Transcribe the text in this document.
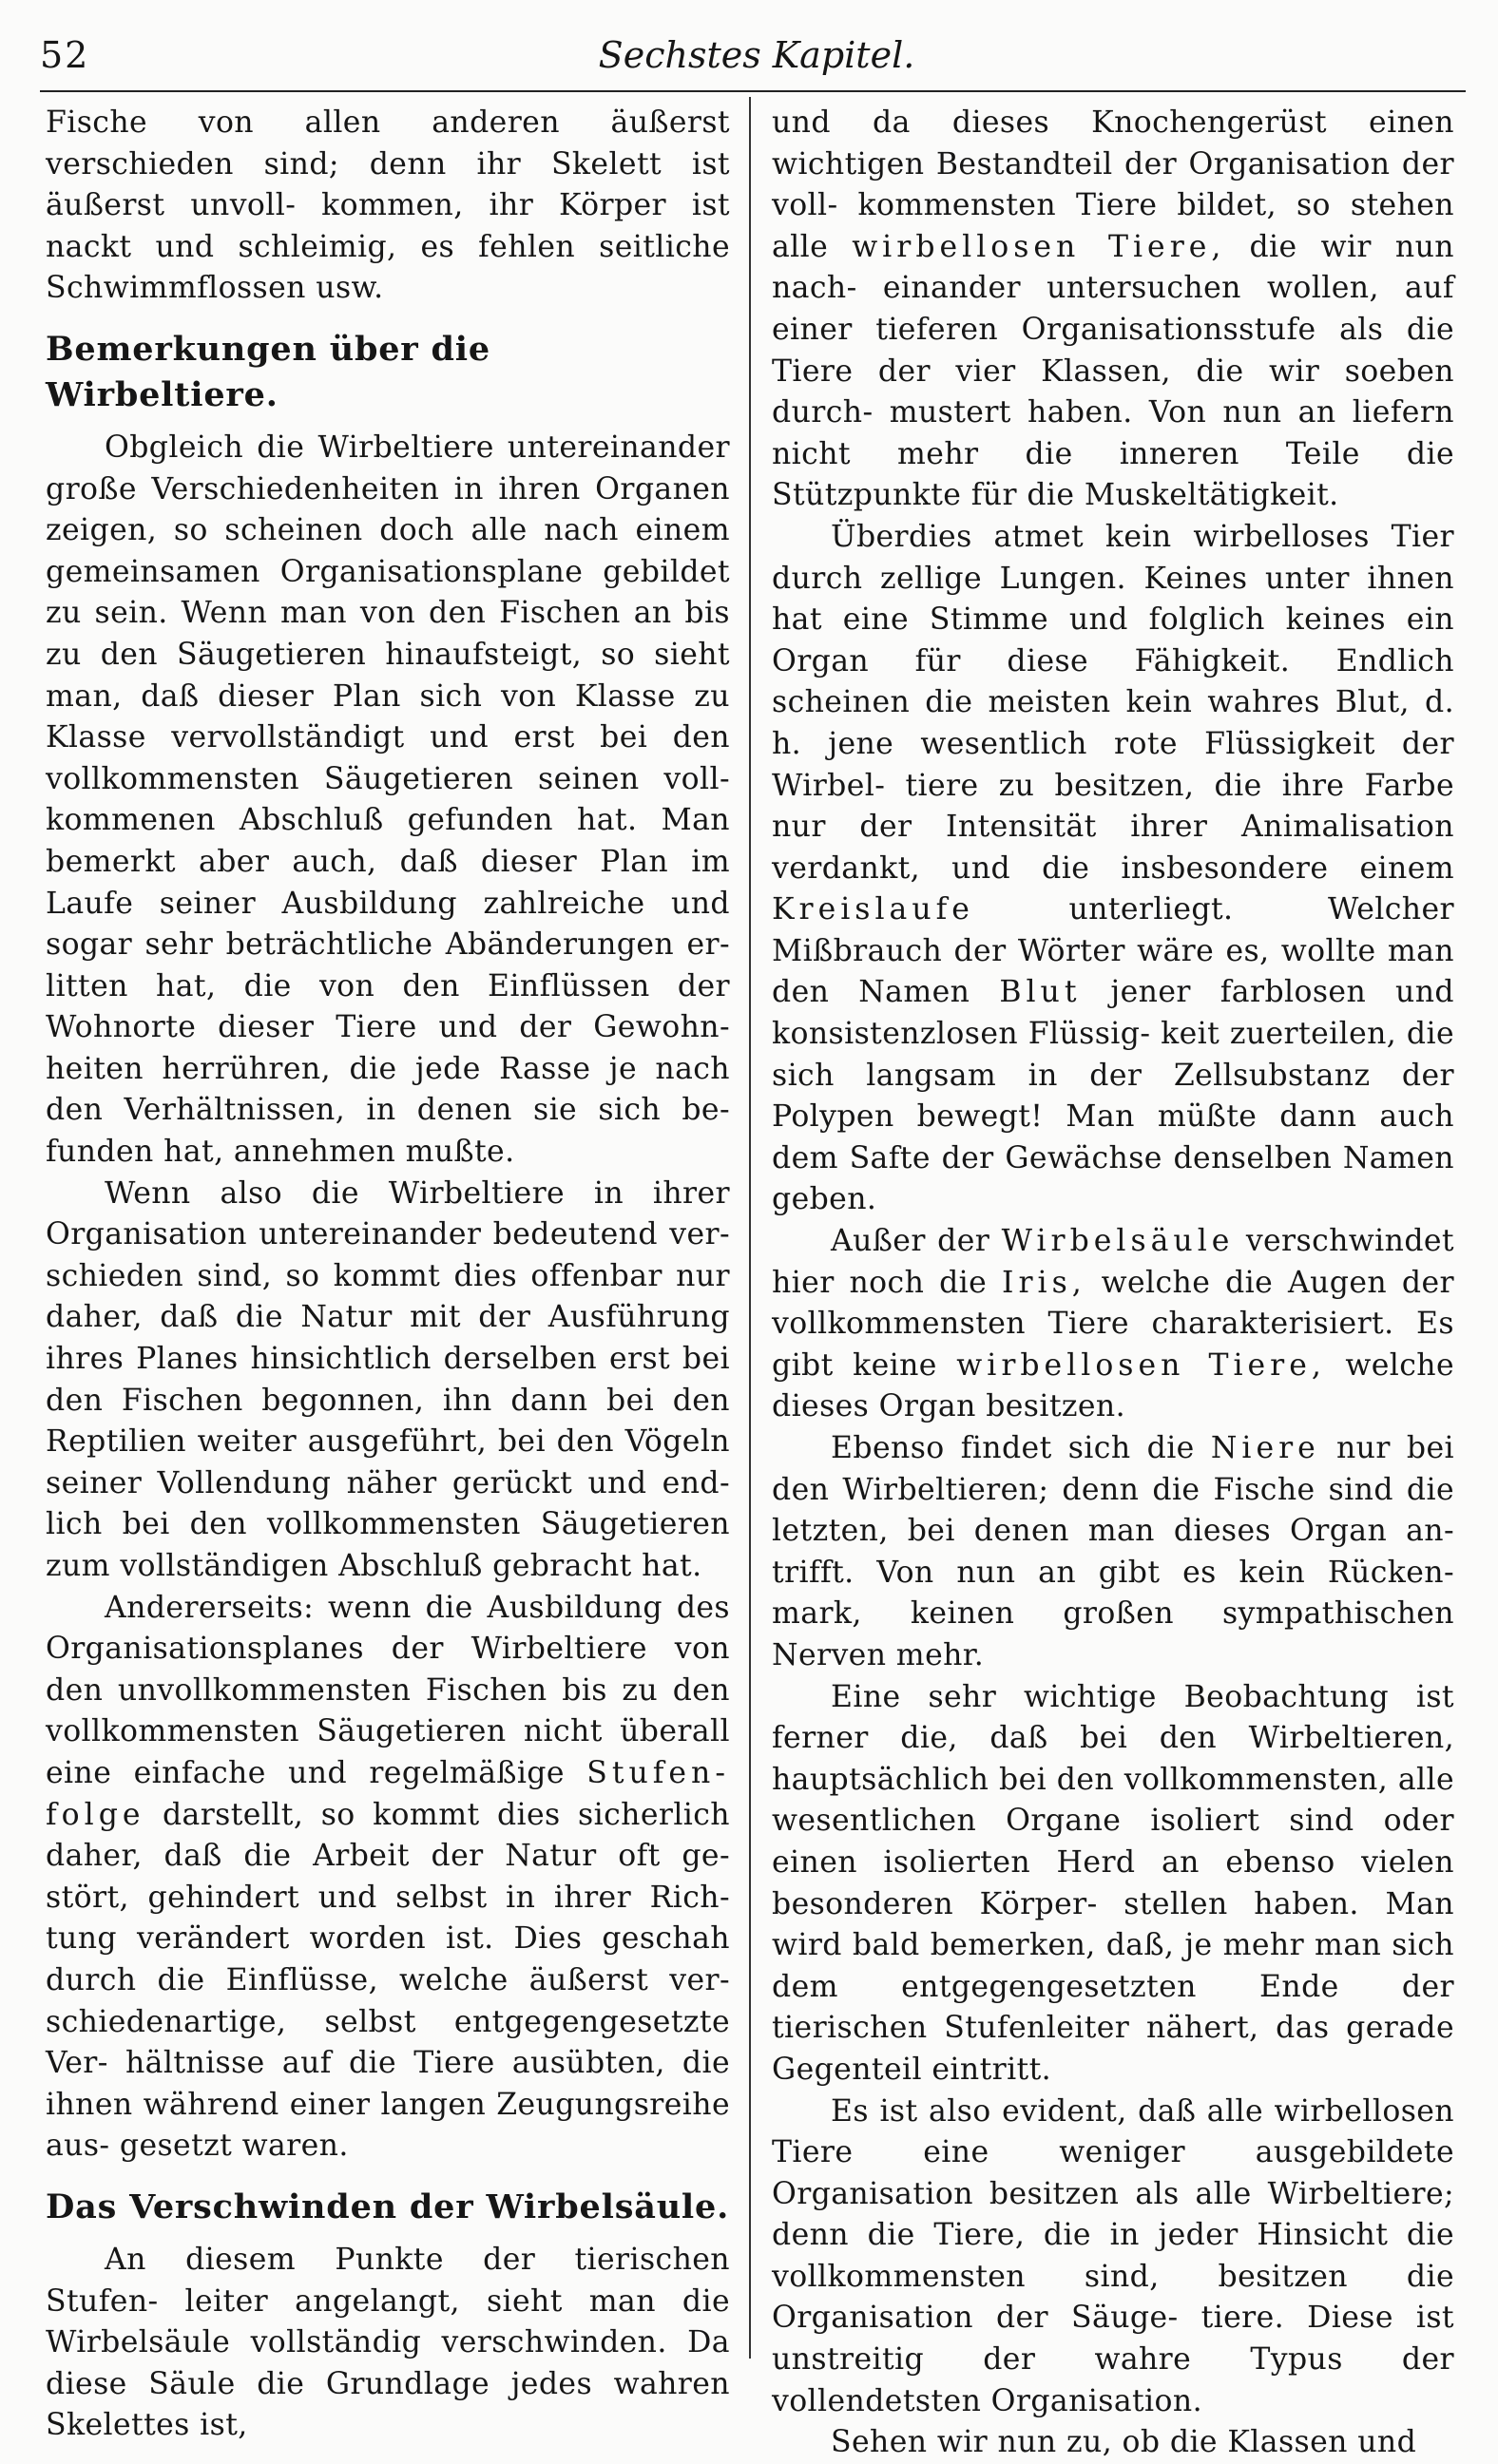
52	Sechstes Kapitel.

Fische von allen anderen äußerst verschieden sind; denn ihr Skelett ist äußerst unvoll- kommen, ihr Körper ist nackt und schleimig, es fehlen seitliche Schwimmflossen usw.

Bemerkungen über die Wirbeltiere.

Obgleich die Wirbeltiere untereinander große Verschiedenheiten in ihren Organen zeigen, so scheinen doch alle nach einem gemeinsamen Organisationsplane gebildet zu sein. Wenn man von den Fischen an bis zu den Säugetieren hinaufsteigt, so sieht man, daß dieser Plan sich von Klasse zu Klasse vervollständigt und erst bei den vollkommensten Säugetieren seinen voll- kommenen Abschluß gefunden hat. Man bemerkt aber auch, daß dieser Plan im Laufe seiner Ausbildung zahlreiche und sogar sehr beträchtliche Abänderungen er- litten hat, die von den Einflüssen der Wohnorte dieser Tiere und der Gewohn- heiten herrühren, die jede Rasse je nach den Verhältnissen, in denen sie sich be- funden hat, annehmen mußte.

Wenn also die Wirbeltiere in ihrer Organisation untereinander bedeutend ver- schieden sind, so kommt dies offenbar nur daher, daß die Natur mit der Ausführung ihres Planes hinsichtlich derselben erst bei den Fischen begonnen, ihn dann bei den Reptilien weiter ausgeführt, bei den Vögeln seiner Vollendung näher gerückt und end- lich bei den vollkommensten Säugetieren zum vollständigen Abschluß gebracht hat.

Andererseits: wenn die Ausbildung des Organisationsplanes der Wirbeltiere von den unvollkommensten Fischen bis zu den vollkommensten Säugetieren nicht überall eine einfache und regelmäßige Stufen- folge darstellt, so kommt dies sicherlich daher, daß die Arbeit der Natur oft ge- stört, gehindert und selbst in ihrer Rich- tung verändert worden ist. Dies geschah durch die Einflüsse, welche äußerst ver- schiedenartige, selbst entgegengesetzte Ver- hältnisse auf die Tiere ausübten, die ihnen während einer langen Zeugungsreihe aus- gesetzt waren.

Das Verschwinden der Wirbelsäule.

An diesem Punkte der tierischen Stufen- leiter angelangt, sieht man die Wirbelsäule vollständig verschwinden. Da diese Säule die Grundlage jedes wahren Skelettes ist,

und da dieses Knochengerüst einen wichtigen Bestandteil der Organisation der voll- kommensten Tiere bildet, so stehen alle wirbellosen Tiere, die wir nun nach- einander untersuchen wollen, auf einer tieferen Organisationsstufe als die Tiere der vier Klassen, die wir soeben durch- mustert haben. Von nun an liefern nicht mehr die inneren Teile die Stützpunkte für die Muskeltätigkeit.

Überdies atmet kein wirbelloses Tier durch zellige Lungen. Keines unter ihnen hat eine Stimme und folglich keines ein Organ für diese Fähigkeit. Endlich scheinen die meisten kein wahres Blut, d. h. jene wesentlich rote Flüssigkeit der Wirbel- tiere zu besitzen, die ihre Farbe nur der Intensität ihrer Animalisation verdankt, und die insbesondere einem Kreislaufe	unterliegt. Welcher Mißbrauch der Wörter wäre es, wollte man den Namen Blut jener farblosen und konsistenzlosen Flüssig- keit zuerteilen, die sich langsam in der Zellsubstanz der Polypen bewegt! Man müßte dann auch dem Safte der Gewächse denselben Namen geben.

Außer der Wirbelsäule verschwindet hier noch die Iris, welche die Augen der vollkommensten Tiere charakterisiert. Es gibt keine wirbellosen Tiere, welche dieses Organ besitzen.

Ebenso findet sich die Niere nur bei den Wirbeltieren; denn die Fische sind die letzten, bei denen man dieses Organ an- trifft. Von nun an gibt es kein Rücken- mark, keinen großen sympathischen Nerven mehr.

Eine sehr wichtige Beobachtung ist ferner die, daß bei den Wirbeltieren, hauptsächlich bei den vollkommensten, alle wesentlichen Organe isoliert sind oder einen isolierten Herd an ebenso vielen besonderen Körper- stellen haben. Man wird bald bemerken, daß, je mehr man sich dem entgegengesetzten Ende der tierischen Stufenleiter nähert, das gerade Gegenteil eintritt.

Es ist also evident, daß alle wirbellosen Tiere eine weniger ausgebildete Organisation besitzen als alle Wirbeltiere; denn die Tiere, die in jeder Hinsicht die vollkommensten sind, besitzen die Organisation der Säuge- tiere. Diese ist unstreitig der wahre Typus der vollendetsten Organisation.

Sehen wir nun zu, ob die Klassen und
